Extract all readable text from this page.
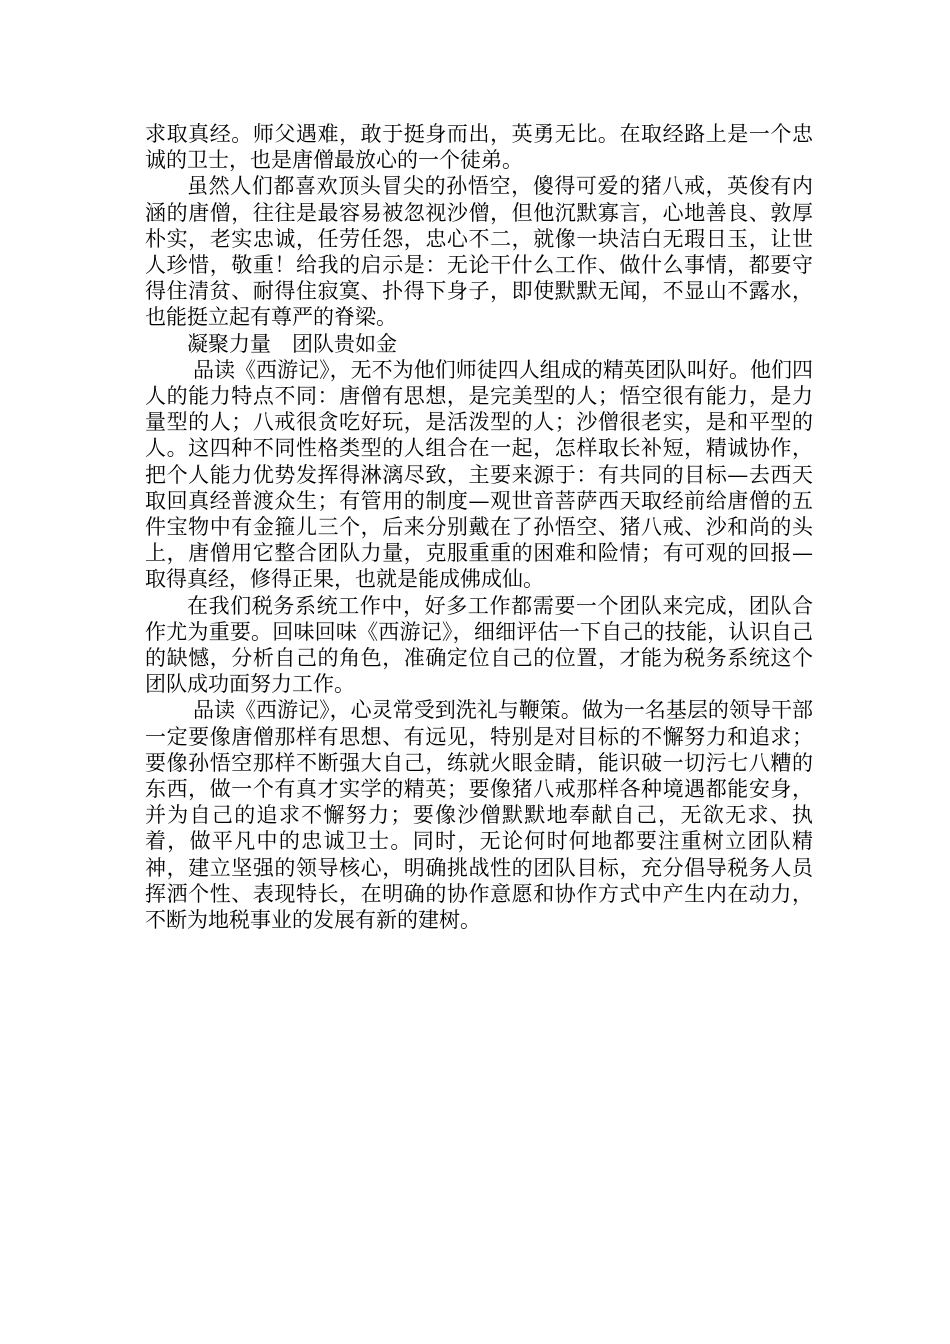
求取真经。师父遇难，敢于挺身而出，英勇无比。在取经路上是一个忠诚的卫士，也是唐僧最放心的一个徒弟。

虽然人们都喜欢顶头冒尖的孙悟空，傻得可爱的猪八戒，英俊有内涵的唐僧，往往是最容易被忽视沙僧，但他沉默寡言，心地善良、敦厚朴实，老实忠诚，任劳任怨，忠心不二，就像一块洁白无瑕日玉，让世人珍惜，敬重！给我的启示是：无论干什么工作、做什么事情，都要守得住清贫、耐得住寂寞、扑得下身子，即使默默无闻，不显山不露水，也能挺立起有尊严的脊梁。

凝聚力量　团队贵如金

品读《西游记》，无不为他们师徒四人组成的精英团队叫好。他们四人的能力特点不同：唐僧有思想，是完美型的人；悟空很有能力，是力量型的人；八戒很贪吃好玩，是活泼型的人；沙僧很老实，是和平型的人。这四种不同性格类型的人组合在一起，怎样取长补短，精诚协作，把个人能力优势发挥得淋漓尽致，主要来源于：有共同的目标—去西天取回真经普渡众生；有管用的制度—观世音菩萨西天取经前给唐僧的五件宝物中有金箍儿三个，后来分别戴在了孙悟空、猪八戒、沙和尚的头上，唐僧用它整合团队力量，克服重重的困难和险情；有可观的回报—取得真经，修得正果，也就是能成佛成仙。

在我们税务系统工作中，好多工作都需要一个团队来完成，团队合作尤为重要。回味回味《西游记》，细细评估一下自己的技能，认识自己的缺憾，分析自己的角色，准确定位自己的位置，才能为税务系统这个团队成功面努力工作。

品读《西游记》，心灵常受到洗礼与鞭策。做为一名基层的领导干部一定要像唐僧那样有思想、有远见，特别是对目标的不懈努力和追求；要像孙悟空那样不断强大自己，练就火眼金睛，能识破一切污七八糟的东西，做一个有真才实学的精英；要像猪八戒那样各种境遇都能安身，并为自己的追求不懈努力；要像沙僧默默地奉献自己，无欲无求、执着，做平凡中的忠诚卫士。同时，无论何时何地都要注重树立团队精神，建立坚强的领导核心，明确挑战性的团队目标，充分倡导税务人员挥洒个性、表现特长，在明确的协作意愿和协作方式中产生内在动力，不断为地税事业的发展有新的建树。
